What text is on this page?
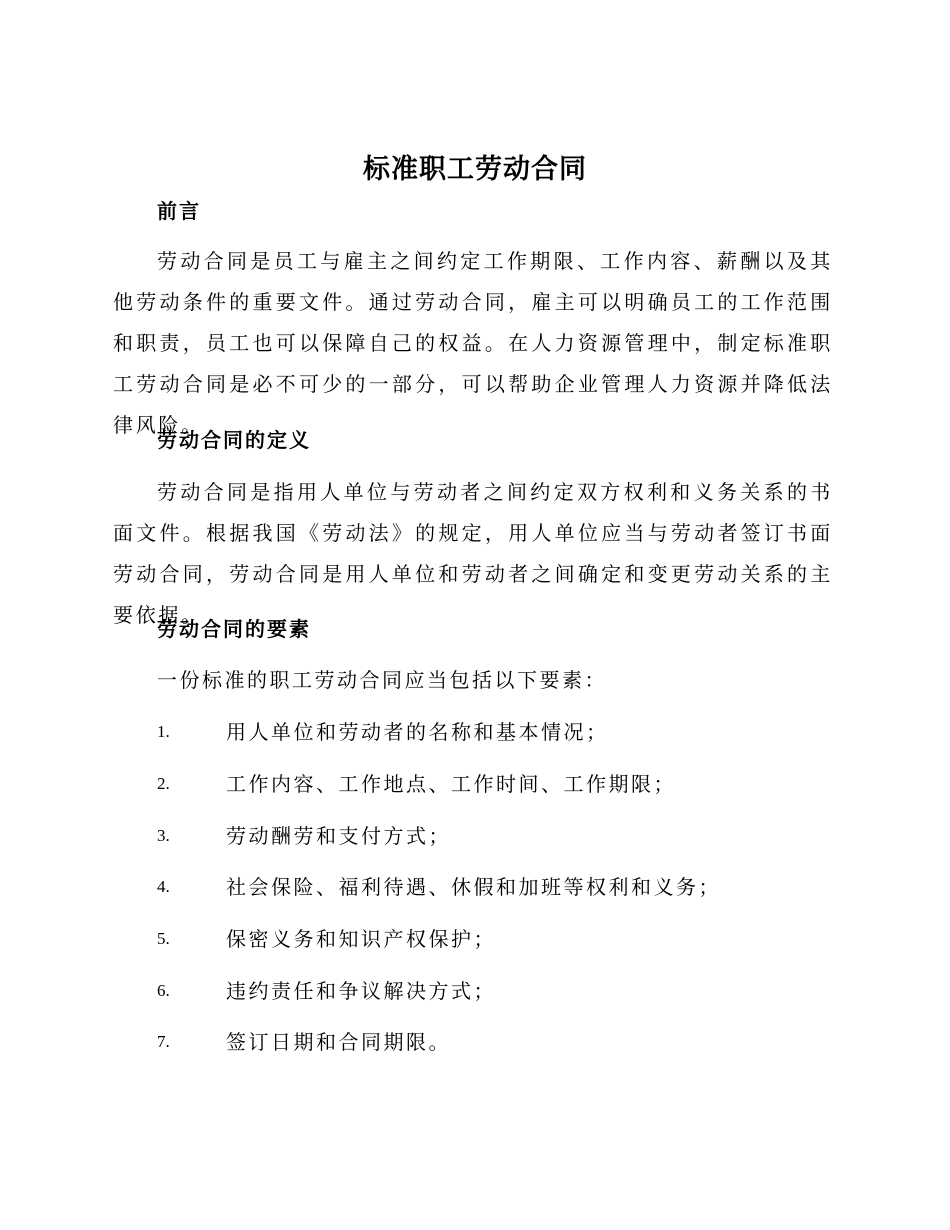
标准职工劳动合同
前言
劳动合同是员工与雇主之间约定工作期限、工作内容、薪酬以及其他劳动条件的重要文件。通过劳动合同，雇主可以明确员工的工作范围和职责，员工也可以保障自己的权益。在人力资源管理中，制定标准职工劳动合同是必不可少的一部分，可以帮助企业管理人力资源并降低法律风险。
劳动合同的定义
劳动合同是指用人单位与劳动者之间约定双方权利和义务关系的书面文件。根据我国《劳动法》的规定，用人单位应当与劳动者签订书面劳动合同，劳动合同是用人单位和劳动者之间确定和变更劳动关系的主要依据。
劳动合同的要素
一份标准的职工劳动合同应当包括以下要素：
1.	用人单位和劳动者的名称和基本情况；
2.	工作内容、工作地点、工作时间、工作期限；
3.	劳动酬劳和支付方式；
4.	社会保险、福利待遇、休假和加班等权利和义务；
5.	保密义务和知识产权保护；
6.	违约责任和争议解决方式；
7.	签订日期和合同期限。
